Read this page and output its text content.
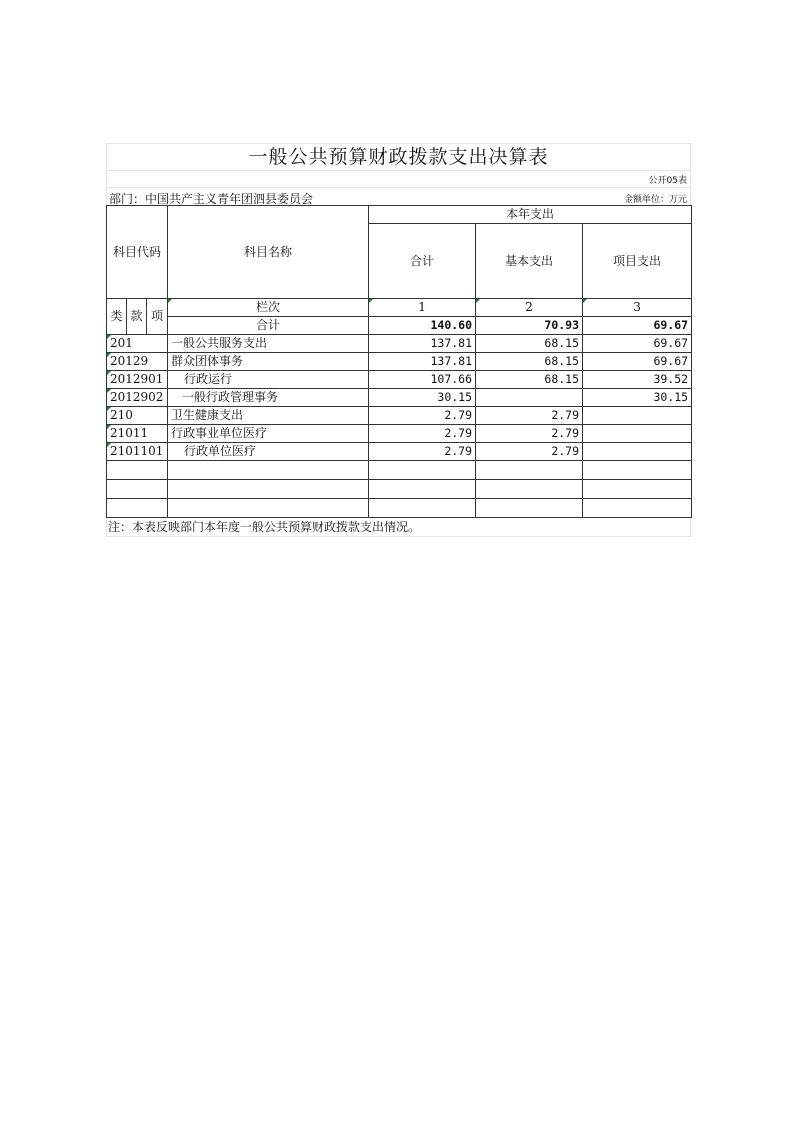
一般公共预算财政拨款支出决算表
公开05表
部门：中国共产主义青年团泗县委员会	金额单位：万元
科目代码			科目名称	本年支出		
				合计	基本支出	项目支出
类	款	项	栏次	1	2	3
			合计	140.60	70.93	69.67
201			一般公共服务支出	137.81	68.15	69.67
20129			群众团体事务	137.81	68.15	69.67
2012901			行政运行	107.66	68.15	39.52
2012902			一般行政管理事务	30.15		30.15
210			卫生健康支出	2.79	2.79	
21011			行政事业单位医疗	2.79	2.79	
2101101			行政单位医疗	2.79	2.79	

注：本表反映部门本年度一般公共预算财政拨款支出情况。
